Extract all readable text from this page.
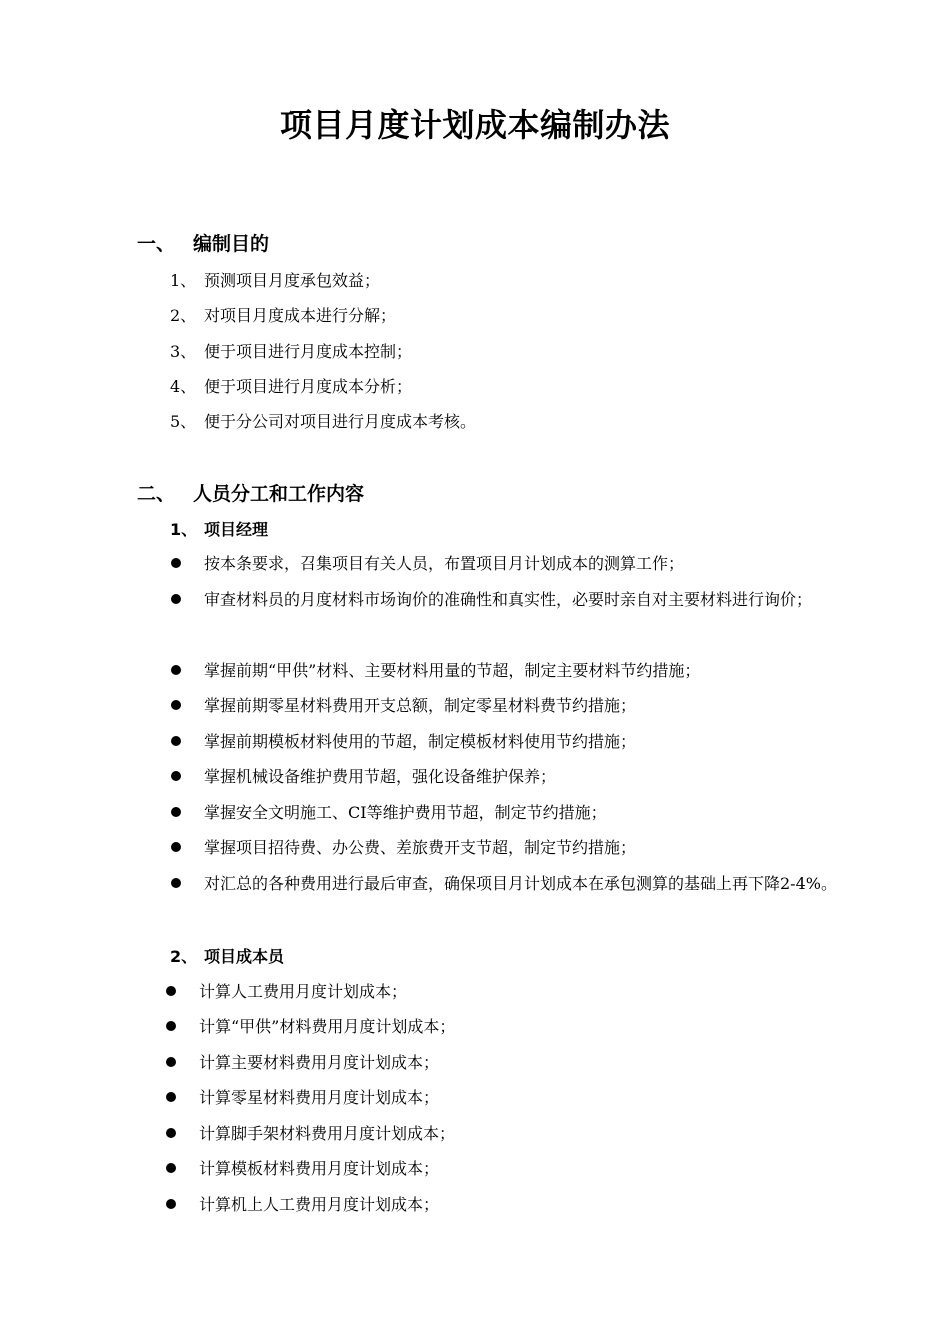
项目月度计划成本编制办法
一、 编制目的
1、 预测项目月度承包效益；
2、 对项目月度成本进行分解；
3、 便于项目进行月度成本控制；
4、 便于项目进行月度成本分析；
5、 便于分公司对项目进行月度成本考核。
二、 人员分工和工作内容
1、 项目经理
按本条要求，召集项目有关人员，布置项目月计划成本的测算工作；
审查材料员的月度材料市场询价的准确性和真实性，必要时亲自对主要材料进行询价；
掌握前期“甲供”材料、主要材料用量的节超，制定主要材料节约措施；
掌握前期零星材料费用开支总额，制定零星材料费节约措施；
掌握前期模板材料使用的节超，制定模板材料使用节约措施；
掌握机械设备维护费用节超，强化设备维护保养；
掌握安全文明施工、CI等维护费用节超，制定节约措施；
掌握项目招待费、办公费、差旅费开支节超，制定节约措施；
对汇总的各种费用进行最后审查，确保项目月计划成本在承包测算的基础上再下降2-4%。
2、 项目成本员
计算人工费用月度计划成本；
计算“甲供”材料费用月度计划成本；
计算主要材料费用月度计划成本；
计算零星材料费用月度计划成本；
计算脚手架材料费用月度计划成本；
计算模板材料费用月度计划成本；
计算机上人工费用月度计划成本；
